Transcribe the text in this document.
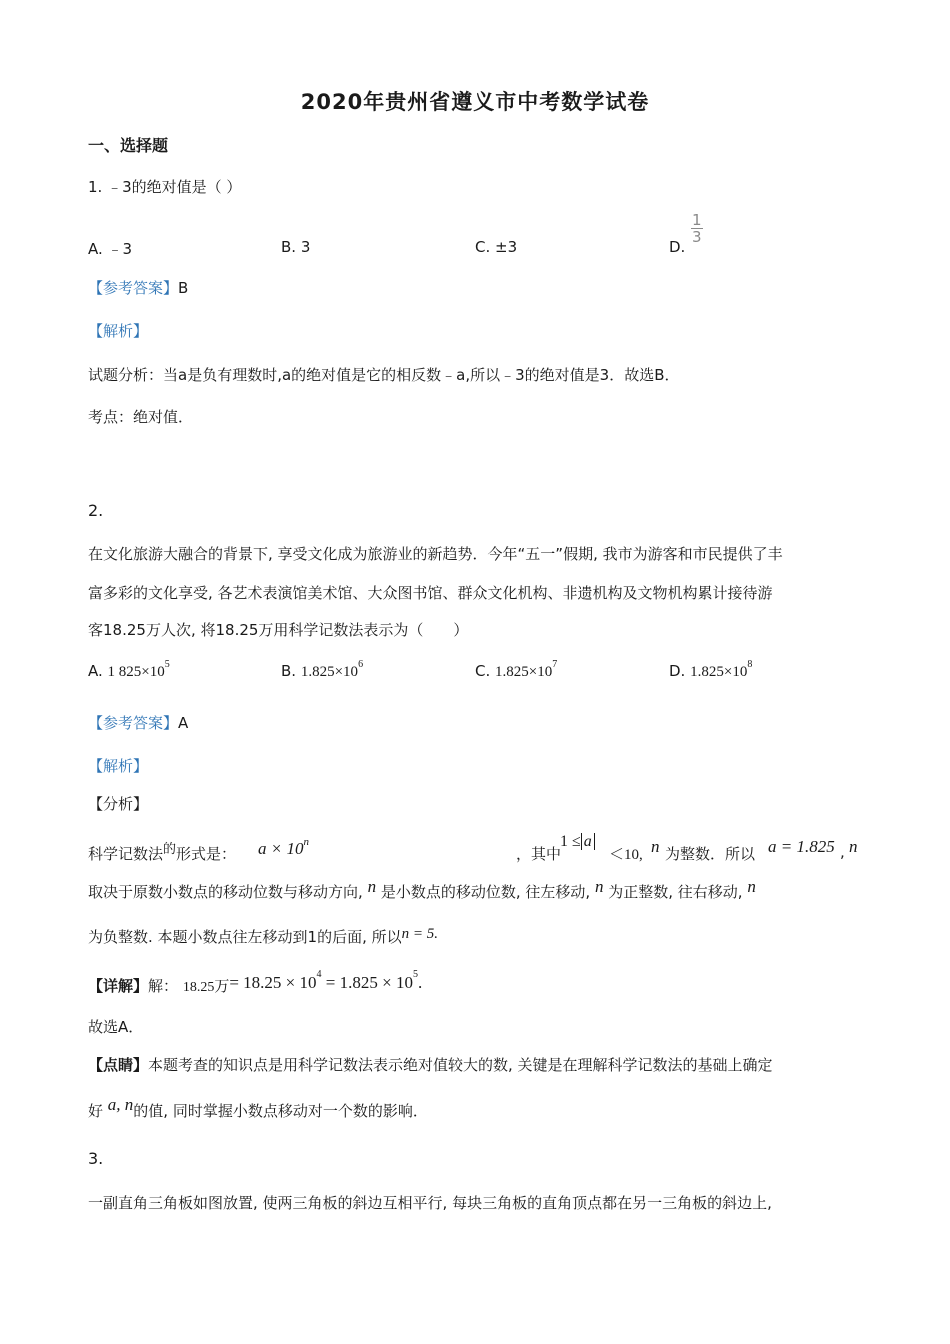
2020年贵州省遵义市中考数学试卷
一、选择题
1. ﹣3的绝对值是（ ）
A. ﹣3	B. 3	C. ±3	D.
$\frac{1}{3}$
【参考答案】B
【解析】
试题分析：当a是负有理数时,a的绝对值是它的相反数﹣a,所以﹣3的绝对值是3．故选B．
考点：绝对值．
2.
在文化旅游大融合的背景下, 享受文化成为旅游业的新趋势．今年“五一”假期, 我市为游客和市民提供了丰
富多彩的文化享受, 各艺术表演馆美术馆、大众图书馆、群众文化机构、非遗机构及文物机构累计接待游
客18.25万人次, 将18.25万用科学记数法表示为（　　）
A. 1 $825\times 10^5$	B. $1.825\times 10^6$	C. $1.825\times 10^7$	D. $1.825\times 10^8$
【参考答案】A
【解析】
【分析】
科学记数法$^的$形式是： $a \times 10^n$
，其中
1 ≤ a
＜10, n 为整数．所以 a = 1.825 , n
取决于原数小数点的移动位数与移动方向, n 是小数点的移动位数, 往左移动, n 为正整数, 往右移动, n
为负整数. 本题小数点往左移动到1的后面, 所以n = 5.
【详解】解： 18.25万= $18.25 \times 10^4 = 1.825 \times 10^5$.
故选A．
【点睛】本题考查的知识点是用科学记数法表示绝对值较大的数, 关键是在理解科学记数法的基础上确定
好 a, n的值, 同时掌握小数点移动对一个数的影响．
3.
一副直角三角板如图放置, 使两三角板的斜边互相平行, 每块三角板的直角顶点都在另一三角板的斜边上,
